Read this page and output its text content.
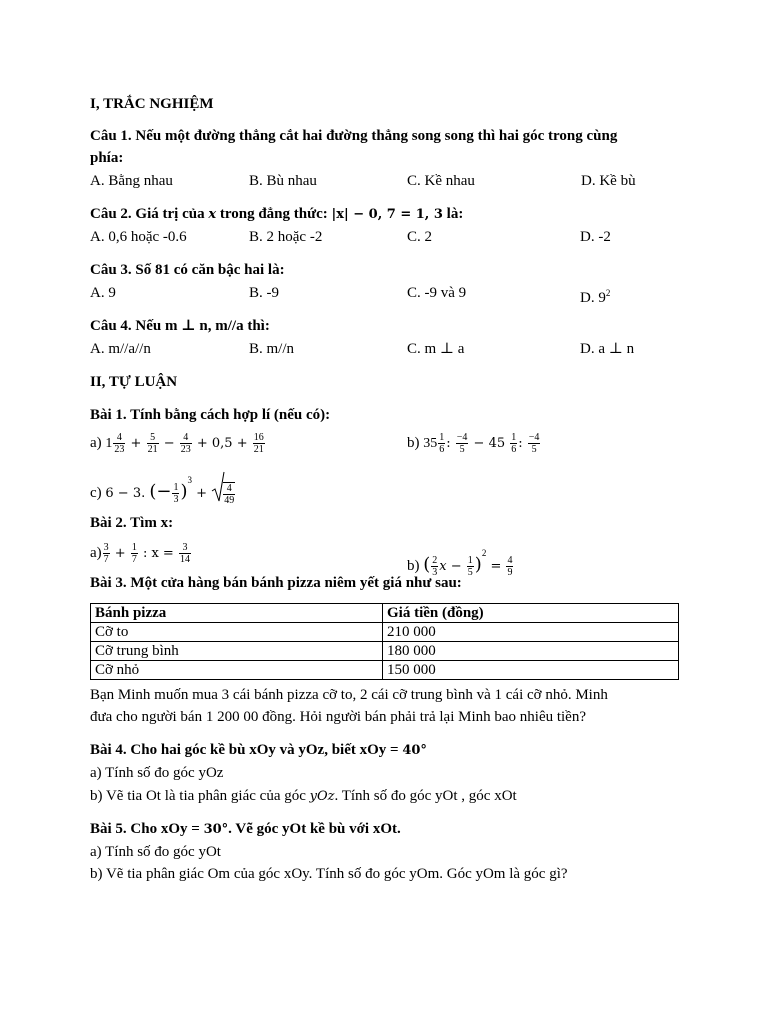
I, TRẮC NGHIỆM
Câu 1. Nếu một đường thẳng cắt hai đường thẳng song song thì hai góc trong cùng
phía:
A. Bằng nhau	B. Bù nhau	C. Kề nhau	D. Kề bù
Câu 2. Giá trị của x trong đẳng thức: |x| − 0, 7 = 1, 3 là:
A. 0,6 hoặc -0.6	B. 2 hoặc -2	C. 2	D. -2
Câu 3. Số 81 có căn bậc hai là:
A. 9	B. -9	C. -9 và 9	D. $9^2$
Câu 4. Nếu m ⊥ n, m//a thì:
A. m//a//n	B. m//n	C. m ⊥ a	D. a ⊥ n
II, TỰ LUẬN
Bài 1. Tính bằng cách hợp lí (nếu có):
a) $1 \frac{4}{23} + \frac{5}{21} - \frac{4}{23} + 0,5 + \frac{16}{21}$	b) $35 \frac{1}{6}$ : $\frac{-4}{5} - 45 \frac{1}{6}$ : $\frac{-4}{5}$
c) 6 − 3. (− $\frac{1}{3} )^3 + \frac{4}{49}$
Bài 2. Tìm x:
$a) \frac{3}{7} + \frac{1}{7}$ : $x = \frac{3}{14}$
b) ( $\frac{2}{3}$ $x - \frac{1}{5} )^2 = \frac{4}{9}$
Bài 3. Một cửa hàng bán bánh pizza niêm yết giá như sau:
Bánh pizza	Giá tiền (đồng)
Cỡ to	210 000
Cỡ trung bình	180 000
Cỡ nhỏ	150 000
Bạn Minh muốn mua 3 cái bánh pizza cỡ to, 2 cái cỡ trung bình và 1 cái cỡ nhỏ. Minh
đưa cho người bán 1 200 00 đồng. Hỏi người bán phải trả lại Minh bao nhiêu tiền?
Bài 4. Cho hai góc kề bù xOy và yOz, biết xOy = 40°
a) Tính số đo góc yOz
b) Vẽ tia Ot là tia phân giác của góc yOz. Tính số đo góc yOt , góc xOt
Bài 5. Cho xOy = 30°. Vẽ góc yOt kề bù với xOt.
a) Tính số đo góc yOt
b) Vẽ tia phân giác Om của góc xOy. Tính số đo góc yOm. Góc yOm là góc gì?
